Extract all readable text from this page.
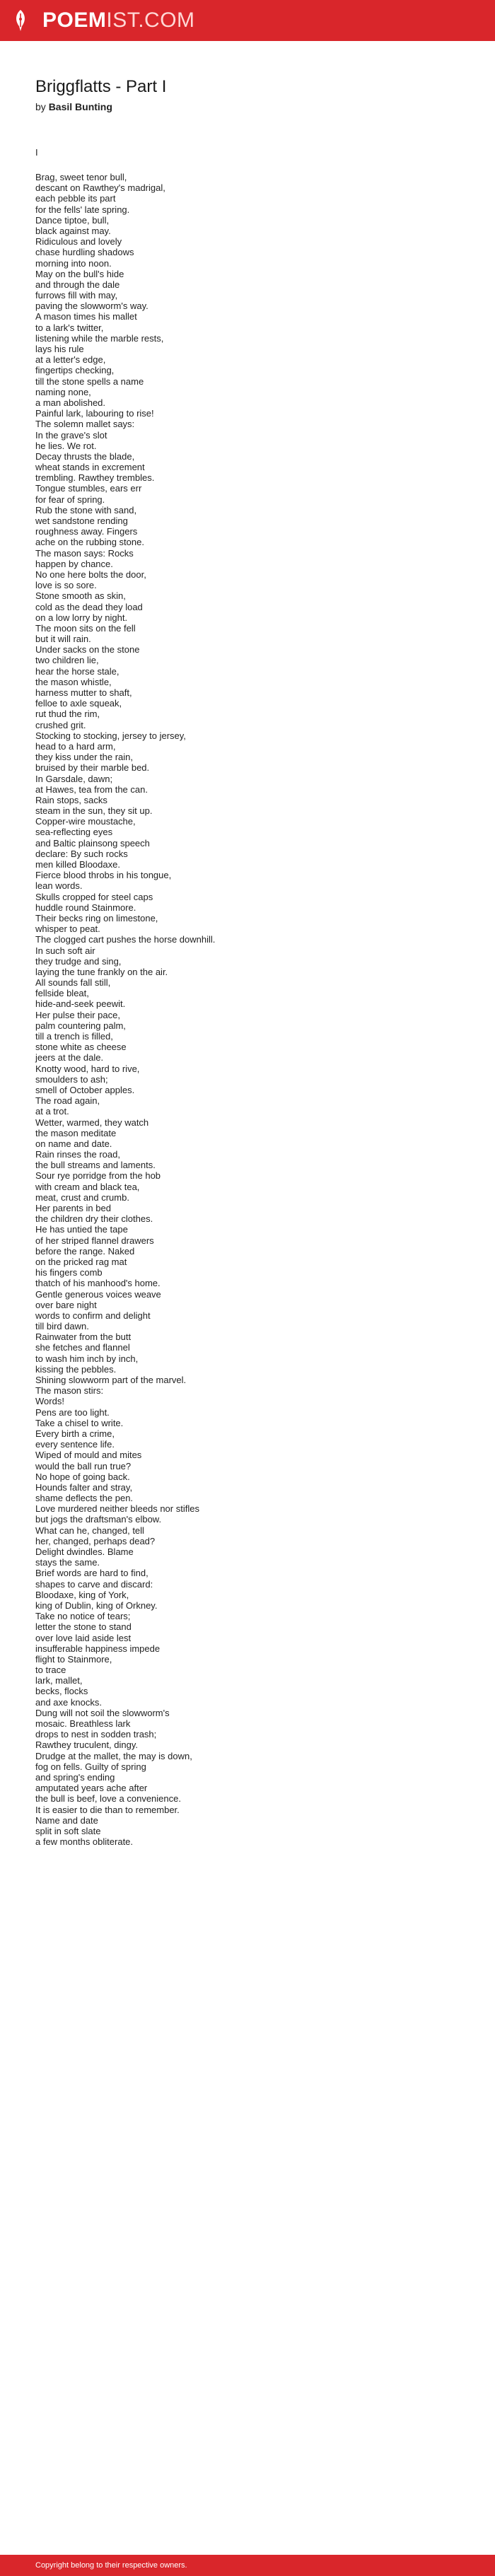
POEMIST.COM
Briggflatts - Part I
by Basil Bunting
I
Brag, sweet tenor bull,
descant on Rawthey's madrigal,
each pebble its part
for the fells' late spring.
Dance tiptoe, bull,
black against may.
Ridiculous and lovely
chase hurdling shadows
morning into noon.
May on the bull's hide
and through the dale
furrows fill with may,
paving the slowworm's way.
A mason times his mallet
to a lark's twitter,
listening while the marble rests,
lays his rule
at a letter's edge,
fingertips checking,
till the stone spells a name
naming none,
a man abolished.
Painful lark, labouring to rise!
The solemn mallet says:
In the grave's slot
he lies. We rot.
Decay thrusts the blade,
wheat stands in excrement
trembling. Rawthey trembles.
Tongue stumbles, ears err
for fear of spring.
Rub the stone with sand,
wet sandstone rending
roughness away. Fingers
ache on the rubbing stone.
The mason says: Rocks
happen by chance.
No one here bolts the door,
love is so sore.
Stone smooth as skin,
cold as the dead they load
on a low lorry by night.
The moon sits on the fell
but it will rain.
Under sacks on the stone
two children lie,
hear the horse stale,
the mason whistle,
harness mutter to shaft,
felloe to axle squeak,
rut thud the rim,
crushed grit.
Stocking to stocking, jersey to jersey,
head to a hard arm,
they kiss under the rain,
bruised by their marble bed.
In Garsdale, dawn;
at Hawes, tea from the can.
Rain stops, sacks
steam in the sun, they sit up.
Copper-wire moustache,
sea-reflecting eyes
and Baltic plainsong speech
declare: By such rocks
men killed Bloodaxe.
Fierce blood throbs in his tongue,
lean words.
Skulls cropped for steel caps
huddle round Stainmore.
Their becks ring on limestone,
whisper to peat.
The clogged cart pushes the horse downhill.
In such soft air
they trudge and sing,
laying the tune frankly on the air.
All sounds fall still,
fellside bleat,
hide-and-seek peewit.
Her pulse their pace,
palm countering palm,
till a trench is filled,
stone white as cheese
jeers at the dale.
Knotty wood, hard to rive,
smoulders to ash;
smell of October apples.
The road again,
at a trot.
Wetter, warmed, they watch
the mason meditate
on name and date.
Rain rinses the road,
the bull streams and laments.
Sour rye porridge from the hob
with cream and black tea,
meat, crust and crumb.
Her parents in bed
the children dry their clothes.
He has untied the tape
of her striped flannel drawers
before the range. Naked
on the pricked rag mat
his fingers comb
thatch of his manhood's home.
Gentle generous voices weave
over bare night
words to confirm and delight
till bird dawn.
Rainwater from the butt
she fetches and flannel
to wash him inch by inch,
kissing the pebbles.
Shining slowworm part of the marvel.
The mason stirs:
Words!
Pens are too light.
Take a chisel to write.
Every birth a crime,
every sentence life.
Wiped of mould and mites
would the ball run true?
No hope of going back.
Hounds falter and stray,
shame deflects the pen.
Love murdered neither bleeds nor stifles
but jogs the draftsman's elbow.
What can he, changed, tell
her, changed, perhaps dead?
Delight dwindles. Blame
stays the same.
Brief words are hard to find,
shapes to carve and discard:
Bloodaxe, king of York,
king of Dublin, king of Orkney.
Take no notice of tears;
letter the stone to stand
over love laid aside lest
insufferable happiness impede
flight to Stainmore,
to trace
lark, mallet,
becks, flocks
and axe knocks.
Dung will not soil the slowworm's
mosaic. Breathless lark
drops to nest in sodden trash;
Rawthey truculent, dingy.
Drudge at the mallet, the may is down,
fog on fells. Guilty of spring
and spring's ending
amputated years ache after
the bull is beef, love a convenience.
It is easier to die than to remember.
Name and date
split in soft slate
a few months obliterate.
Copyright belong to their respective owners.
